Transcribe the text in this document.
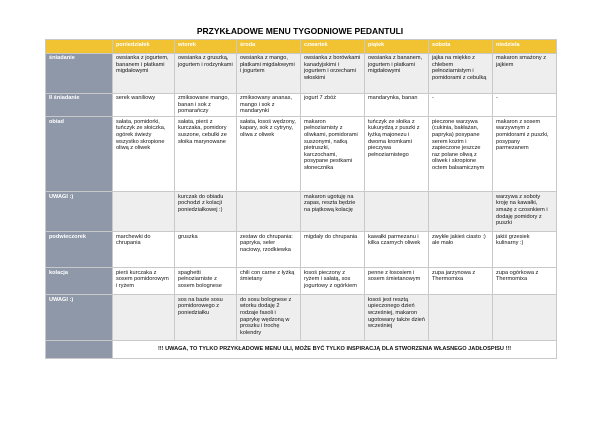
PRZYKŁADOWE MENU TYGODNIOWE PEDANTULI
	poniedziałek	wtorek	środa	czwartek	piątek	sobota	niedziela
śniadanie	owsianka z jogurtem, bananem i płatkami migdałowymi	owsianka z gruszką, jogurtem i rodzynkami	owsianka z mango, płatkami migdałowymi i jogurtem	owsianka z borówkami kanadyjskimi i jogurtem i orzechami włoskimi	owsianka z bananem, jogurtem i płatkami migdałowymi	jajka na miękko z chlebem pełnoziarnistym i pomidorami z cebulką	makaron smażony z jajkiem
II śniadanie	serek waniliowy	zmiksowane mango, banan i sok z pomarańczy	zmiksowany ananas, mango i sok z mandarynki	jogurt 7 zbóż	mandarynka, banan	-	-
obiad	sałata, pomidorki, tuńczyk ze słoiczka, ogórek świeży wszystko skropione oliwą z oliwek	sałata, pierś z kurczaka, pomidory suszone, cebulki ze słoika marynowane	sałata, łosoś wędzony, kapary, sok z cytryny, oliwa z oliwek	makaron pełnoziarnisty z oliwkami, pomidorami suszonymi, natką pietruszki, karczochami, posypane pestkami słonecznika	tuńczyk ze słoika z kukurydzą z puszki z łyżką majonezu i dwoma kromkami pieczywa pełnoziarnistego	pieczone warzywa (cukinia, bakłażan, papryka) posypane serem kozim i zapieczone jeszcze raz polane oliwą z oliwek i skropione octem balsamicznym	makaron z sosem warzywnym z pomidorami z puszki, posypany parmezanem
UWAGI :)		kurczak do obiadu pochodzi z kolacji poniedziałkowej :)		makaron ugotuję na zapas, reszta będzie na piątkową kolację			warzywa z soboty kroję na kawałki, smażę z czosnkiem i dodaję pomidory z puszki
podwieczorek	marchewki do chrupania	gruszka	zestaw do chrupania: papryka, seler naciowy, rzodkiewka	migdały do chrupania	kawałki parmezanu i kilka czarnych oliwek	zwykłe jakieś ciasto :) ale mało	jakiś grzesiek kulinarny :)
kolacja	pierś kurczaka z sosem pomidorowym i ryżem	spaghetti pełnoziarniste z sosem bolognese	chili con carne z łyżką śmietany	łosoś pieczony z ryżem i sałatą, sos jogurtowy z ogórkiem	penne z łososiem i sosem śmietanowym	zupa jarzynowa z Thermomixa	zupa ogórkowa z Thermomixa
UWAGI :)		sos na bazie sosu pomidorowego z poniedziałku	do sosu bolognese z wtorku dodaję 2 rodzaje fasoli i paprykę wędzoną w proszku i trochę kolendry		łosoś jest resztą upieczonego dzień wcześniej, makaron ugotowany także dzień wcześniej		
	!!! UWAGA, TO TYLKO PRZYKŁADOWE MENU ULI, MOŻE BYĆ TYLKO INSPIRACJĄ DLA STWORZENIA WŁASNEGO JADŁOSPISU !!!						
